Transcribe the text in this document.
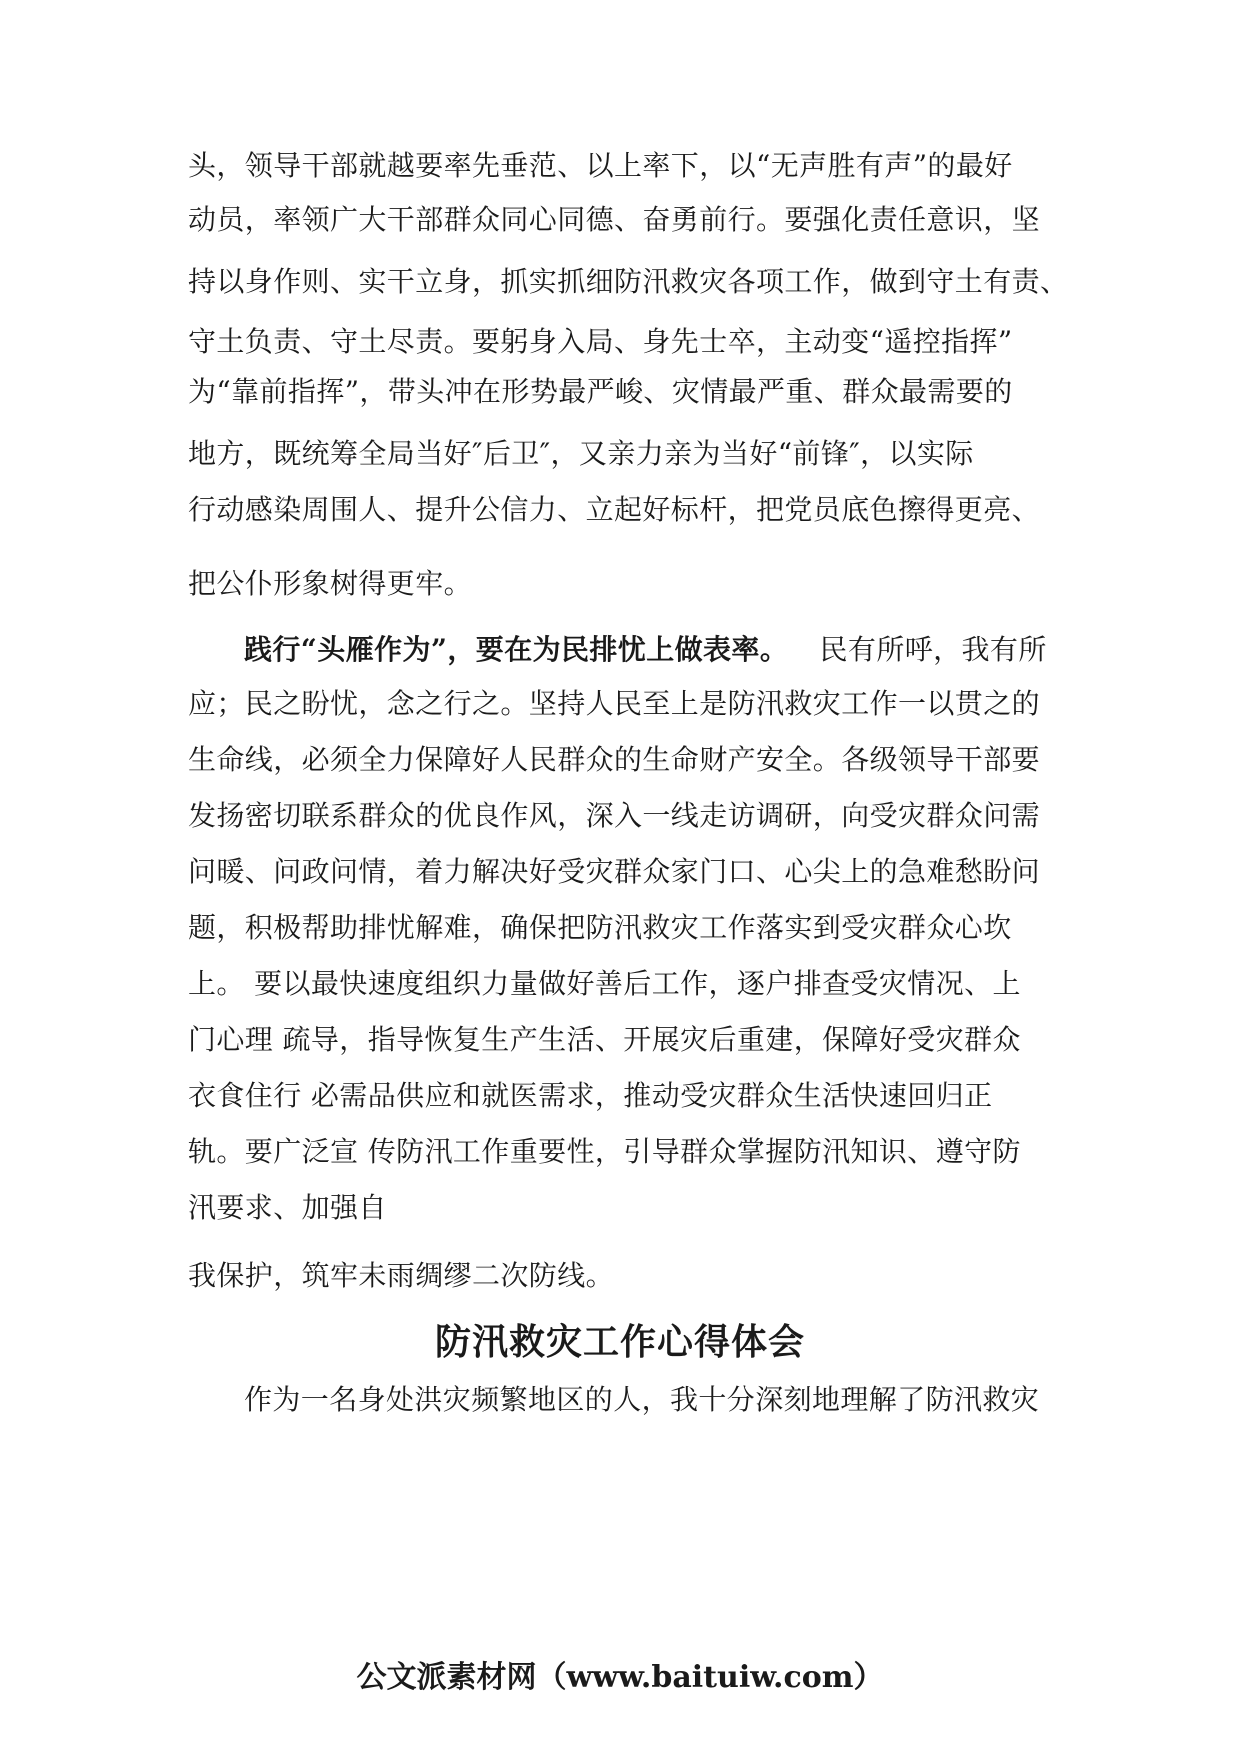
头，领导干部就越要率先垂范、以上率下，以“无声胜有声”的最好
动员，率领广大干部群众同心同德、奋勇前行。要强化责任意识，坚
持以身作则、实干立身，抓实抓细防汛救灾各项工作，做到守土有责、
守土负责、守土尽责。要躬身入局、身先士卒，主动变“遥控指挥”
为“靠前指挥”，带头冲在形势最严峻、灾情最严重、群众最需要的
地方，既统筹全局当好″后卫″，又亲力亲为当好“前锋″，以实际
行动感染周围人、提升公信力、立起好标杆，把党员底色擦得更亮、
把公仆形象树得更牢。
践行“头雁作为”，要在为民排忧上做表率。 民有所呼，我有所
应；民之盼忧，念之行之。坚持人民至上是防汛救灾工作一以贯之的
生命线，必须全力保障好人民群众的生命财产安全。各级领导干部要
发扬密切联系群众的优良作风，深入一线走访调研，向受灾群众问需
问暖、问政问情，着力解决好受灾群众家门口、心尖上的急难愁盼问
题，积极帮助排忧解难，确保把防汛救灾工作落实到受灾群众心坎
上。 要以最快速度组织力量做好善后工作，逐户排查受灾情况、上
门心理 疏导，指导恢复生产生活、开展灾后重建，保障好受灾群众
衣食住行 必需品供应和就医需求，推动受灾群众生活快速回归正
轨。要广泛宣 传防汛工作重要性，引导群众掌握防汛知识、遵守防
汛要求、加强自
我保护，筑牢未雨绸缪二次防线。
防汛救灾工作心得体会
作为一名身处洪灾频繁地区的人，我十分深刻地理解了防汛救灾
公文派素材网（www.baituiw.com）
